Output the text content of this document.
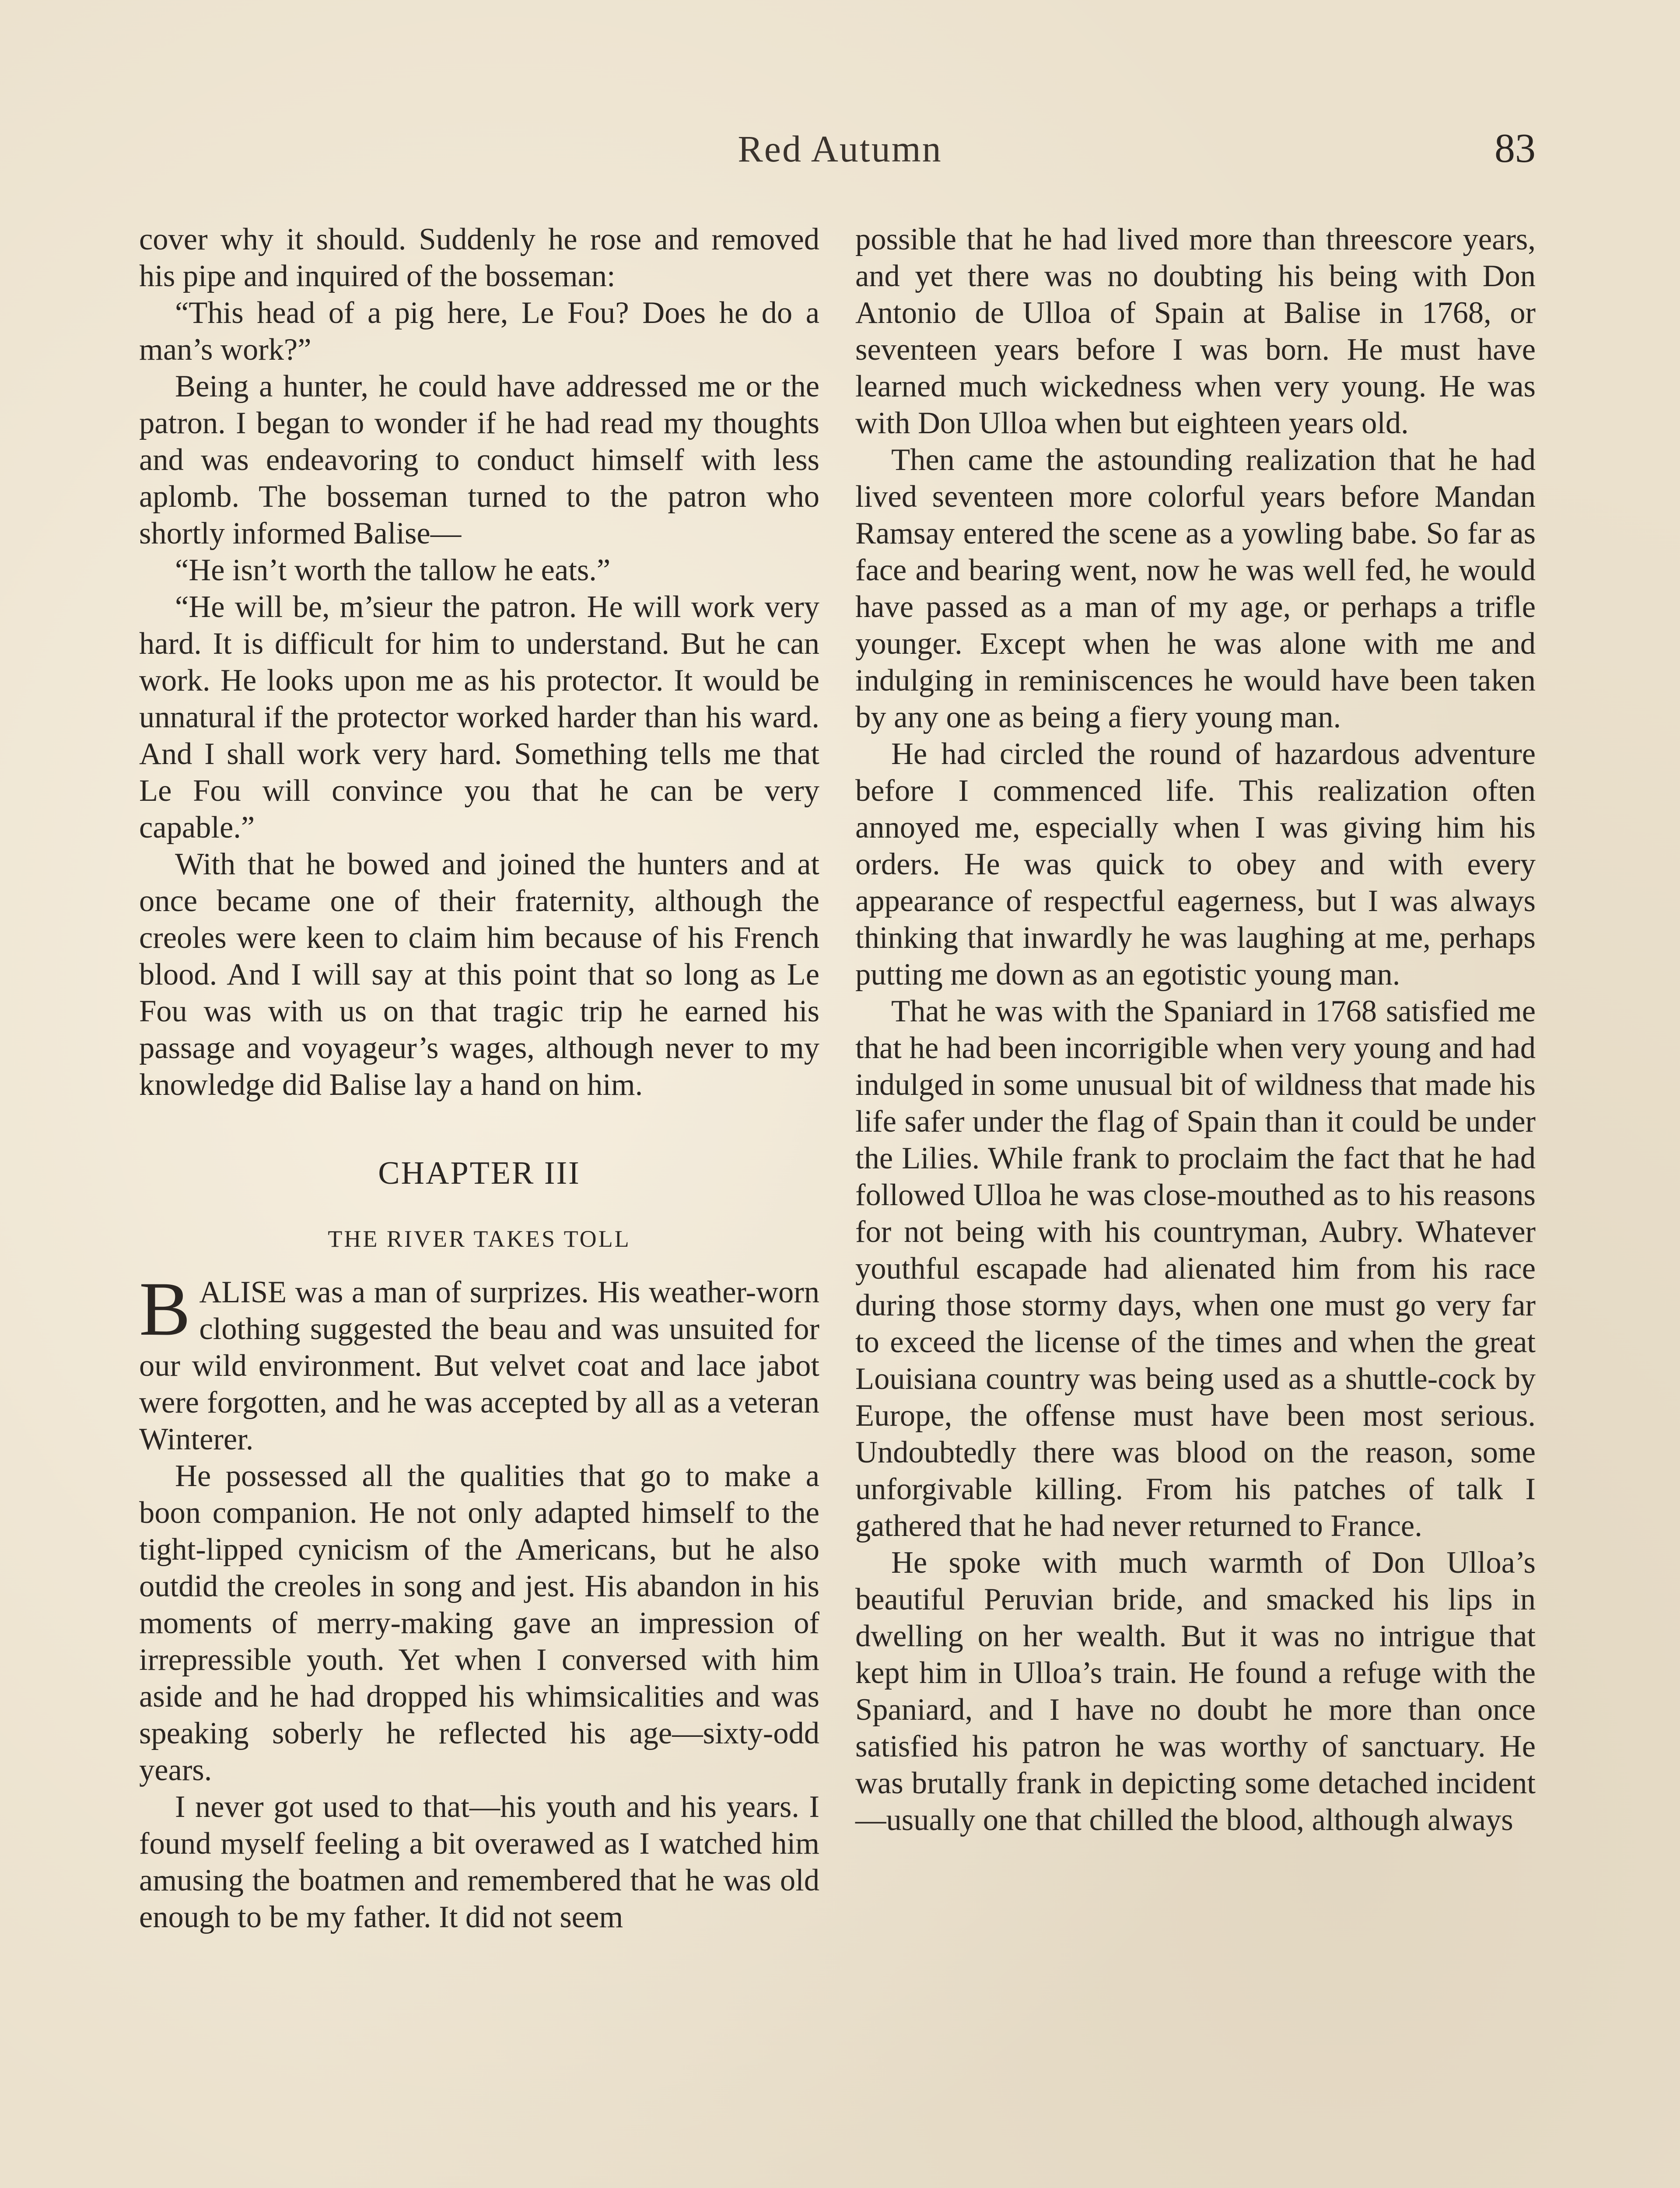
Red Autumn	83

cover why it should. Suddenly he rose and removed his pipe and inquired of the bosseman:

“This head of a pig here, Le Fou? Does he do a man’s work?”

Being a hunter, he could have addressed me or the patron. I began to wonder if he had read my thoughts and was endeavoring to conduct himself with less aplomb. The bosseman turned to the patron who shortly informed Balise—

“He isn’t worth the tallow he eats.”

“He will be, m’sieur the patron. He will work very hard. It is difficult for him to understand. But he can work. He looks upon me as his protector. It would be unnatural if the protector worked harder than his ward. And I shall work very hard. Something tells me that Le Fou will convince you that he can be very capable.”

With that he bowed and joined the hunters and at once became one of their fraternity, although the creoles were keen to claim him because of his French blood. And I will say at this point that so long as Le Fou was with us on that tragic trip he earned his passage and voyageur’s wages, although never to my knowledge did Balise lay a hand on him.

CHAPTER III
THE RIVER TAKES TOLL

BALISE was a man of surprizes. His weather-worn clothing suggested the beau and was unsuited for our wild environment. But velvet coat and lace jabot were forgotten, and he was accepted by all as a veteran Winterer.

He possessed all the qualities that go to make a boon companion. He not only adapted himself to the tight-lipped cynicism of the Americans, but he also outdid the creoles in song and jest. His abandon in his moments of merry-making gave an impression of irrepressible youth. Yet when I conversed with him aside and he had dropped his whimsicalities and was speaking soberly he reflected his age—sixty-odd years.

I never got used to that—his youth and his years. I found myself feeling a bit overawed as I watched him amusing the boatmen and remembered that he was old enough to be my father. It did not seem

possible that he had lived more than threescore years, and yet there was no doubting his being with Don Antonio de Ulloa of Spain at Balise in 1768, or seventeen years before I was born. He must have learned much wickedness when very young. He was with Don Ulloa when but eighteen years old.

Then came the astounding realization that he had lived seventeen more colorful years before Mandan Ramsay entered the scene as a yowling babe. So far as face and bearing went, now he was well fed, he would have passed as a man of my age, or perhaps a trifle younger. Except when he was alone with me and indulging in reminiscences he would have been taken by any one as being a fiery young man.

He had circled the round of hazardous adventure before I commenced life. This realization often annoyed me, especially when I was giving him his orders. He was quick to obey and with every appearance of respectful eagerness, but I was always thinking that inwardly he was laughing at me, perhaps putting me down as an egotistic young man.

That he was with the Spaniard in 1768 satisfied me that he had been incorrigible when very young and had indulged in some unusual bit of wildness that made his life safer under the flag of Spain than it could be under the Lilies. While frank to proclaim the fact that he had followed Ulloa he was close-mouthed as to his reasons for not being with his countryman, Aubry. Whatever youthful escapade had alienated him from his race during those stormy days, when one must go very far to exceed the license of the times and when the great Louisiana country was being used as a shuttle-cock by Europe, the offense must have been most serious. Undoubtedly there was blood on the reason, some unforgivable killing. From his patches of talk I gathered that he had never returned to France.

He spoke with much warmth of Don Ulloa’s beautiful Peruvian bride, and smacked his lips in dwelling on her wealth. But it was no intrigue that kept him in Ulloa’s train. He found a refuge with the Spaniard, and I have no doubt he more than once satisfied his patron he was worthy of sanctuary. He was brutally frank in depicting some detached incident—usually one that chilled the blood, although always
